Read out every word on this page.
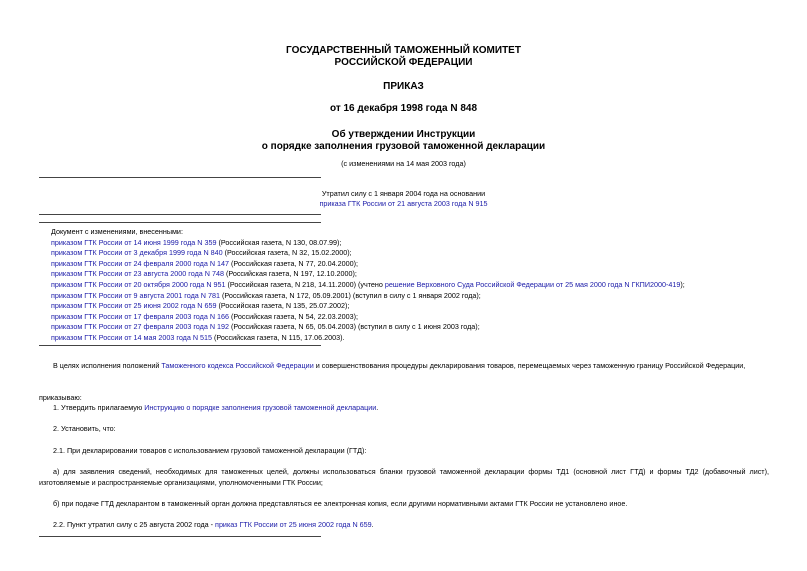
ГОСУДАРСТВЕННЫЙ ТАМОЖЕННЫЙ КОМИТЕТ
РОССИЙСКОЙ ФЕДЕРАЦИИ
ПРИКАЗ
от 16 декабря 1998 года N 848
Об утверждении Инструкции
о порядке заполнения грузовой таможенной декларации
(с изменениями на 14 мая 2003 года)
Утратил силу с 1 января 2004 года на основании
приказа ГТК России от 21 августа 2003 года N 915
Документ с изменениями, внесенными:
приказом ГТК России от 14 июня 1999 года N 359 (Российская газета, N 130, 08.07.99);
приказом ГТК России от 3 декабря 1999 года N 840 (Российская газета, N 32, 15.02.2000);
приказом ГТК России от 24 февраля 2000 года N 147 (Российская газета, N 77, 20.04.2000);
приказом ГТК России от 23 августа 2000 года N 748 (Российская газета, N 197, 12.10.2000);
приказом ГТК России от 20 октября 2000 года N 951 (Российская газета, N 218, 14.11.2000) (учтено решение Верховного Суда Российской Федерации от 25 мая 2000 года N ГКПИ2000-419);
приказом ГТК России от 9 августа 2001 года N 781 (Российская газета, N 172, 05.09.2001) (вступил в силу с 1 января 2002 года);
приказом ГТК России от 25 июня 2002 года N 659 (Российская газета, N 135, 25.07.2002);
приказом ГТК России от 17 февраля 2003 года N 166 (Российская газета, N 54, 22.03.2003);
приказом ГТК России от 27 февраля 2003 года N 192 (Российская газета, N 65, 05.04.2003) (вступил в силу с 1 июня 2003 года);
приказом ГТК России от 14 мая 2003 года N 515 (Российская газета, N 115, 17.06.2003).
В целях исполнения положений Таможенного кодекса Российской Федерации и совершенствования процедуры декларирования товаров, перемещаемых через таможенную границу Российской Федерации,
приказываю:
1. Утвердить прилагаемую Инструкцию о порядке заполнения грузовой таможенной декларации.
2. Установить, что:
2.1. При декларировании товаров с использованием грузовой таможенной декларации (ГТД):
а) для заявления сведений, необходимых для таможенных целей, должны использоваться бланки грузовой таможенной декларации формы ТД1 (основной лист ГТД) и формы ТД2 (добавочный лист), изготовляемые и распространяемые организациями, уполномоченными ГТК России;
б) при подаче ГТД декларантом в таможенный орган должна представляться ее электронная копия, если другими нормативными актами ГТК России не установлено иное.
2.2. Пункт утратил силу с 25 августа 2002 года - приказ ГТК России от 25 июня 2002 года N 659.
